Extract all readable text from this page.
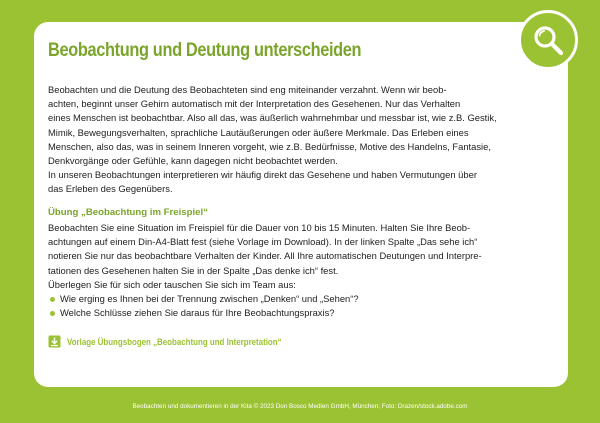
Beobachtung und Deutung unterscheiden

Beobachten und die Deutung des Beobachteten sind eng miteinander verzahnt. Wenn wir beob-

achten, beginnt unser Gehirn automatisch mit der Interpretation des Gesehenen. Nur das Verhalten

eines Menschen ist beobachtbar. Also all das, was äußerlich wahrnehmbar und messbar ist, wie z.B. Gestik,

Mimik, Bewegungsverhalten, sprachliche Lautäußerungen oder äußere Merkmale. Das Erleben eines

Menschen, also das, was in seinem Inneren vorgeht, wie z.B. Bedürfnisse, Motive des Handelns, Fantasie,

Denkvorgänge oder Gefühle, kann dagegen nicht beobachtet werden.

In unseren Beobachtungen interpretieren wir häufig direkt das Gesehene und haben Vermutungen über

das Erleben des Gegenübers.

Übung „Beobachtung im Freispiel“

Beobachten Sie eine Situation im Freispiel für die Dauer von 10 bis 15 Minuten. Halten Sie Ihre Beob-

achtungen auf einem Din-A4-Blatt fest (siehe Vorlage im Download). In der linken Spalte „Das sehe ich“

notieren Sie nur das beobachtbare Verhalten der Kinder. All Ihre automatischen Deutungen und Interpre-

tationen des Gesehenen halten Sie in der Spalte „Das denke ich“ fest.

Überlegen Sie für sich oder tauschen Sie sich im Team aus:

Wie erging es Ihnen bei der Trennung zwischen „Denken“ und „Sehen“?
Welche Schlüsse ziehen Sie daraus für Ihre Beobachtungspraxis?
Vorlage Übungsbogen „Beobachtung und Interpretation“
Beobachten und dokumentieren in der Kita © 2023 Don Bosco Medien GmbH, München; Foto: Drazen/stock.adobe.com
